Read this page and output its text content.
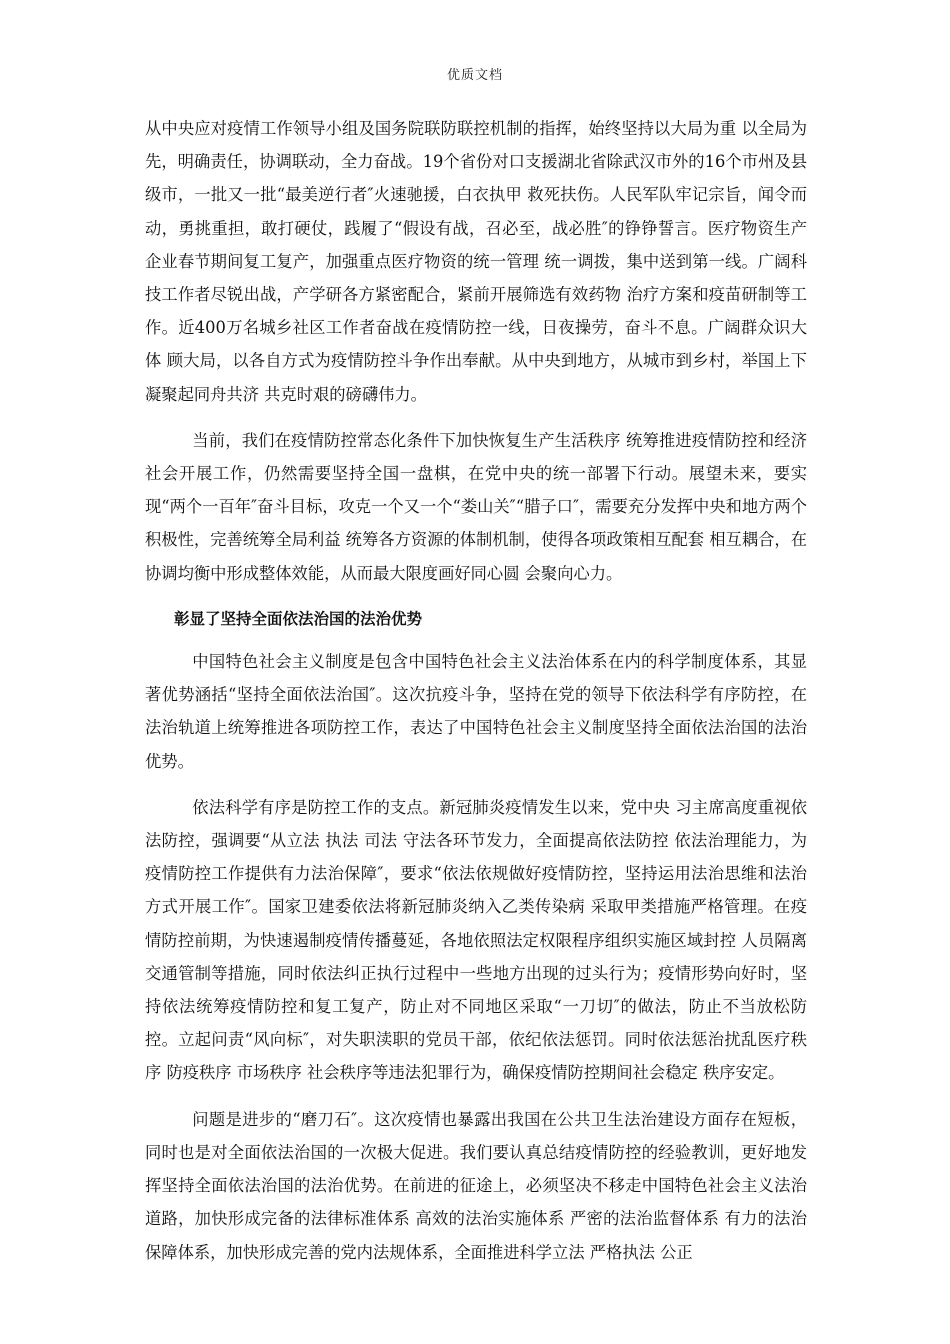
优质文档

从中央应对疫情工作领导小组及国务院联防联控机制的指挥，始终坚持以大局为重 以全局为先，明确责任，协调联动，全力奋战。19个省份对口支援湖北省除武汉市外的16个市州及县级市，一批又一批“最美逆行者″火速驰援，白衣执甲 救死扶伤。人民军队牢记宗旨，闻令而动，勇挑重担，敢打硬仗，践履了“假设有战，召必至，战必胜″的铮铮誓言。医疗物资生产企业春节期间复工复产，加强重点医疗物资的统一管理 统一调拨，集中送到第一线。广阔科技工作者尽锐出战，产学研各方紧密配合，紧前开展筛选有效药物 治疗方案和疫苗研制等工作。近400万名城乡社区工作者奋战在疫情防控一线，日夜操劳，奋斗不息。广阔群众识大体 顾大局，以各自方式为疫情防控斗争作出奉献。从中央到地方，从城市到乡村，举国上下凝聚起同舟共济 共克时艰的磅礴伟力。

当前，我们在疫情防控常态化条件下加快恢复生产生活秩序 统筹推进疫情防控和经济社会开展工作，仍然需要坚持全国一盘棋，在党中央的统一部署下行动。展望未来，要实现“两个一百年″奋斗目标，攻克一个又一个“娄山关″“腊子口″，需要充分发挥中央和地方两个积极性，完善统筹全局利益 统筹各方资源的体制机制，使得各项政策相互配套 相互耦合，在协调均衡中形成整体效能，从而最大限度画好同心圆 会聚向心力。

彰显了坚持全面依法治国的法治优势

中国特色社会主义制度是包含中国特色社会主义法治体系在内的科学制度体系，其显著优势涵括“坚持全面依法治国″。这次抗疫斗争，坚持在党的领导下依法科学有序防控，在法治轨道上统筹推进各项防控工作，表达了中国特色社会主义制度坚持全面依法治国的法治优势。

依法科学有序是防控工作的支点。新冠肺炎疫情发生以来，党中央 习主席高度重视依法防控，强调要“从立法 执法 司法 守法各环节发力，全面提高依法防控 依法治理能力，为疫情防控工作提供有力法治保障″，要求“依法依规做好疫情防控，坚持运用法治思维和法治方式开展工作″。国家卫建委依法将新冠肺炎纳入乙类传染病 采取甲类措施严格管理。在疫情防控前期，为快速遏制疫情传播蔓延，各地依照法定权限程序组织实施区域封控 人员隔离 交通管制等措施，同时依法纠正执行过程中一些地方出现的过头行为；疫情形势向好时，坚持依法统筹疫情防控和复工复产，防止对不同地区采取“一刀切″的做法，防止不当放松防控。立起问责“风向标″，对失职渎职的党员干部，依纪依法惩罚。同时依法惩治扰乱医疗秩序 防疫秩序 市场秩序 社会秩序等违法犯罪行为，确保疫情防控期间社会稳定 秩序安定。

问题是进步的“磨刀石″。这次疫情也暴露出我国在公共卫生法治建设方面存在短板，同时也是对全面依法治国的一次极大促进。我们要认真总结疫情防控的经验教训，更好地发挥坚持全面依法治国的法治优势。在前进的征途上，必须坚决不移走中国特色社会主义法治道路，加快形成完备的法律标准体系 高效的法治实施体系 严密的法治监督体系 有力的法治保障体系，加快形成完善的党内法规体系，全面推进科学立法 严格执法 公正
